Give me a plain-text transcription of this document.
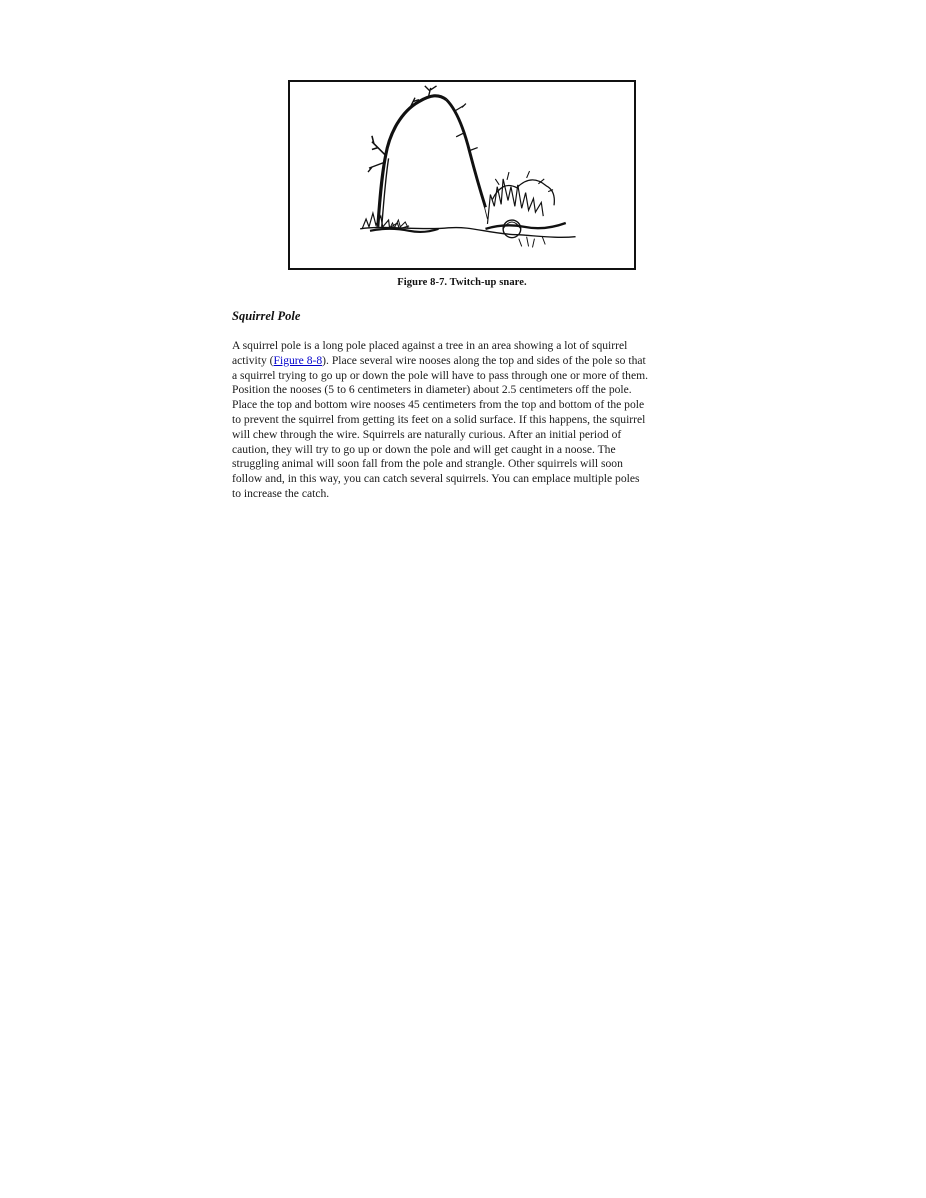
Figure 8-7. Twitch-up snare.
Squirrel Pole
A squirrel pole is a long pole placed against a tree in an area showing a lot of squirrel
activity (Figure 8-8). Place several wire nooses along the top and sides of the pole so that
a squirrel trying to go up or down the pole will have to pass through one or more of them.
Position the nooses (5 to 6 centimeters in diameter) about 2.5 centimeters off the pole.
Place the top and bottom wire nooses 45 centimeters from the top and bottom of the pole
to prevent the squirrel from getting its feet on a solid surface. If this happens, the squirrel
will chew through the wire. Squirrels are naturally curious. After an initial period of
caution, they will try to go up or down the pole and will get caught in a noose. The
struggling animal will soon fall from the pole and strangle. Other squirrels will soon
follow and, in this way, you can catch several squirrels. You can emplace multiple poles
to increase the catch.
